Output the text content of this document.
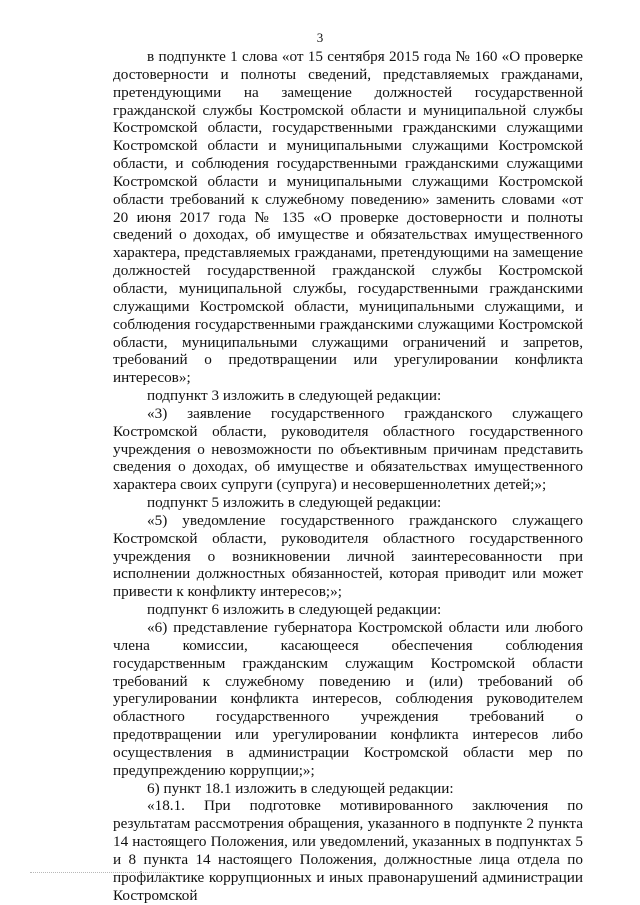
3

в подпункте 1 слова «от 15 сентября 2015 года № 160 «О проверке достоверности и полноты сведений, представляемых гражданами, претендующими на замещение должностей государственной гражданской службы Костромской области и муниципальной службы Костромской области, государственными гражданскими служащими Костромской области и муниципальными служащими Костромской области, и соблюдения государственными гражданскими служащими Костромской области и муниципальными служащими Костромской области требований к служебному поведению» заменить словами «от 20 июня 2017 года № 135 «О проверке достоверности и полноты сведений о доходах, об имуществе и обязательствах имущественного характера, представляемых гражданами, претендующими на замещение должностей государственной гражданской службы Костромской области, муниципальной службы, государственными гражданскими служащими Костромской области, муниципальными служащими, и соблюдения государственными гражданскими служащими Костромской области, муниципальными служащими ограничений и запретов, требований о предотвращении или урегулировании конфликта интересов»;

подпункт 3 изложить в следующей редакции:

«3) заявление государственного гражданского служащего Костромской области, руководителя областного государственного учреждения о невозможности по объективным причинам представить сведения о доходах, об имуществе и обязательствах имущественного характера своих супруги (супруга) и несовершеннолетних детей;»;

подпункт 5 изложить в следующей редакции:

«5) уведомление государственного гражданского служащего Костромской области, руководителя областного государственного учреждения о возникновении личной заинтересованности при исполнении должностных обязанностей, которая приводит или может привести к конфликту интересов;»;

подпункт 6 изложить в следующей редакции:

«6) представление губернатора Костромской области или любого члена комиссии, касающееся обеспечения соблюдения государственным гражданским служащим Костромской области требований к служебному поведению и (или) требований об урегулировании конфликта интересов, соблюдения руководителем областного государственного учреждения требований о предотвращении или урегулировании конфликта интересов либо осуществления в администрации Костромской области мер по предупреждению коррупции;»;

6) пункт 18.1 изложить в следующей редакции:

«18.1. При подготовке мотивированного заключения по результатам рассмотрения обращения, указанного в подпункте 2 пункта 14 настоящего Положения, или уведомлений, указанных в подпунктах 5 и 8 пункта 14 настоящего Положения, должностные лица отдела по профилактике коррупционных и иных правонарушений администрации Костромской
